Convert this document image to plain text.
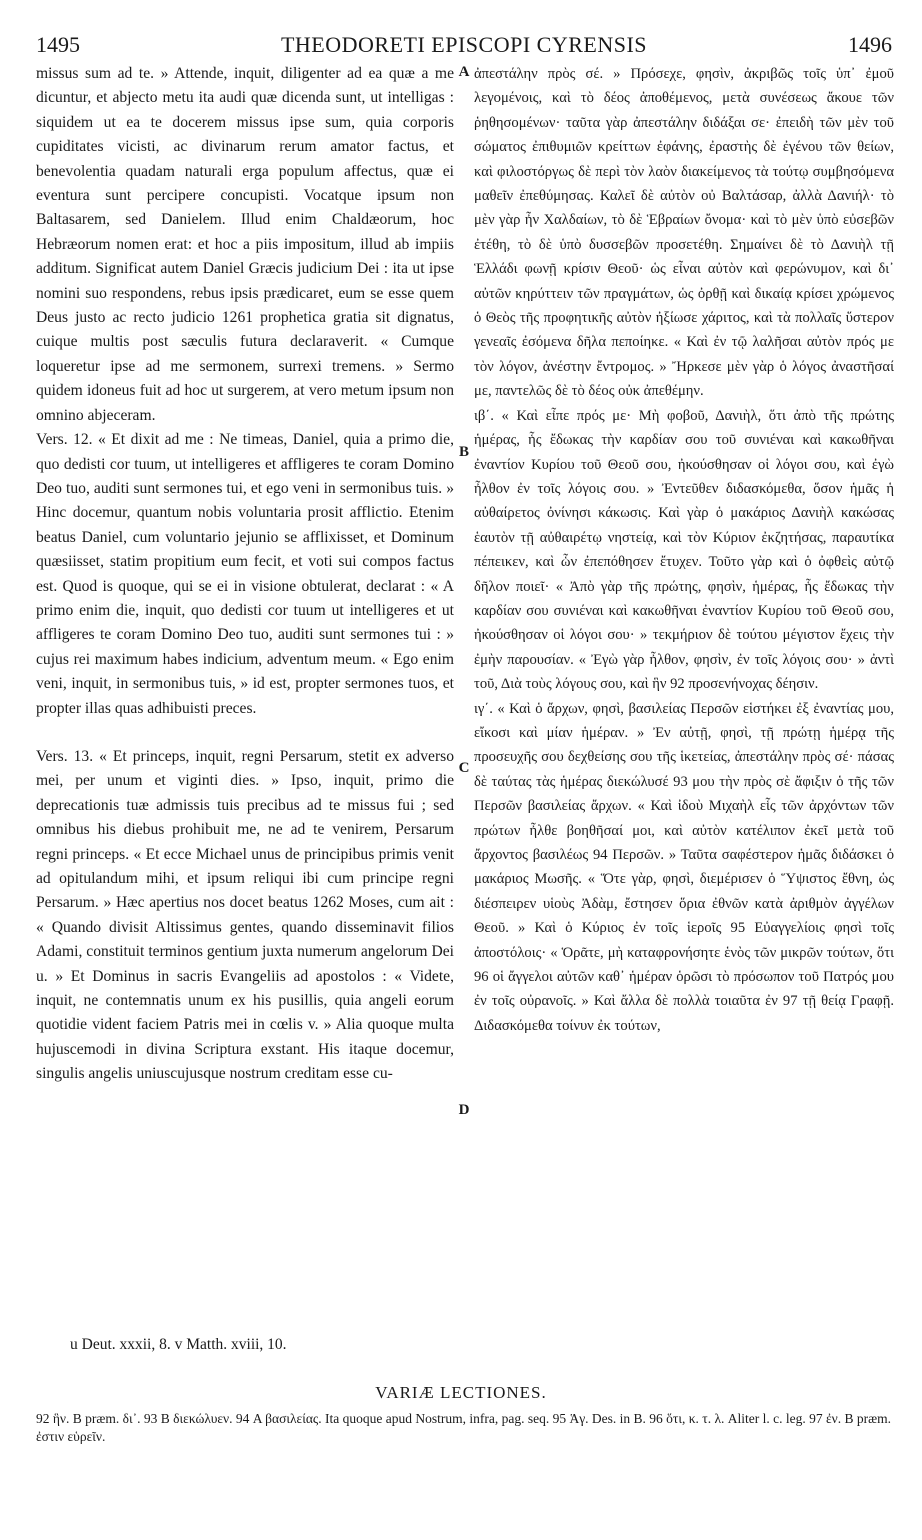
1495	THEODORETI EPISCOPI CYRENSIS	1496

missus sum ad te. » Attende, inquit, diligenter ad ea quæ a me dicuntur, et abjecto metu ita audi quæ dicenda sunt, ut intelligas : siquidem ut ea te docerem missus ipse sum, quia corporis cupiditates vicisti, ac divinarum rerum amator factus, et benevolentia quadam naturali erga populum affectus, quæ ei eventura sunt percipere concupisti. Vocatque ipsum non Baltasarem, sed Danielem. Illud enim Chaldæorum, hoc Hebræorum nomen erat: et hoc a piis impositum, illud ab impiis additum. Significat autem Daniel Græcis judicium Dei : ita ut ipse nomini suo respondens, rebus ipsis prædicaret, eum se esse quem Deus justo ac recto judicio 1261 prophetica gratia sit dignatus, cuique multis post sæculis futura declaraverit. « Cumque loqueretur ipse ad me sermonem, surrexi tremens. » Sermo quidem idoneus fuit ad hoc ut surgerem, at vero metum ipsum non omnino abjeceram.

Vers. 12. « Et dixit ad me : Ne timeas, Daniel, quia a primo die, quo dedisti cor tuum, ut intelligeres et affligeres te coram Domino Deo tuo, auditi sunt sermones tui, et ego veni in sermonibus tuis. » Hinc docemur, quantum nobis voluntaria prosit afflictio. Etenim beatus Daniel, cum voluntario jejunio se afflixisset, et Dominum quæsiisset, statim propitium eum fecit, et voti sui compos factus est. Quod is quoque, qui se ei in visione obtulerat, declarat : « A primo enim die, inquit, quo dedisti cor tuum ut intelligeres et ut affligeres te coram Domino Deo tuo, auditi sunt sermones tui : » cujus rei maximum habes indicium, adventum meum. « Ego enim veni, inquit, in sermonibus tuis, » id est, propter sermones tuos, et propter illas quas adhibuisti preces.

Vers. 13. « Et princeps, inquit, regni Persarum, stetit ex adverso mei, per unum et viginti dies. » Ipso, inquit, primo die deprecationis tuæ admissis tuis precibus ad te missus fui ; sed omnibus his diebus prohibuit me, ne ad te venirem, Persarum regni princeps. « Et ecce Michael unus de principibus primis venit ad opitulandum mihi, et ipsum reliqui ibi cum principe regni Persarum. » Hæc apertius nos docet beatus 1262 Moses, cum ait : « Quando divisit Altissimus gentes, quando disseminavit filios Adami, constituit terminos gentium juxta numerum angelorum Dei u. » Et Dominus in sacris Evangeliis ad apostolos : « Videte, inquit, ne contemnatis unum ex his pusillis, quia angeli eorum quotidie vident faciem Patris mei in cœlis v. » Alia quoque multa hujuscemodi in divina Scriptura exstant. His itaque docemur, singulis angelis uniuscujusque nostrum creditam esse cu-

A
B
C
D

ἀπεστάλην πρὸς σέ. » Πρόσεχε, φησὶν, ἀκριβῶς τοῖς ὑπ᾽ ἐμοῦ λεγομένοις, καὶ τὸ δέος ἀποθέμενος, μετὰ συνέσεως ἄκουε τῶν ῥηθησομένων· ταῦτα γὰρ ἀπεστάλην διδάξαι σε· ἐπειδὴ τῶν μὲν τοῦ σώματος ἐπιθυμιῶν κρείττων ἐφάνης, ἐραστὴς δὲ ἐγένου τῶν θείων, καὶ φιλοστόργως δὲ περὶ τὸν λαὸν διακείμενος τὰ τούτῳ συμβησόμενα μαθεῖν ἐπεθύμησας. Καλεῖ δὲ αὐτὸν οὐ Βαλτάσαρ, ἀλλὰ Δανιήλ· τὸ μὲν γὰρ ἦν Χαλδαίων, τὸ δὲ Ἑβραίων ὄνομα· καὶ τὸ μὲν ὑπὸ εὐσεβῶν ἐτέθη, τὸ δὲ ὑπὸ δυσσεβῶν προσετέθη. Σημαίνει δὲ τὸ Δανιὴλ τῇ Ἑλλάδι φωνῇ κρίσιν Θεοῦ· ὡς εἶναι αὐτὸν καὶ φερώνυμον, καὶ δι᾽ αὐτῶν κηρύττειν τῶν πραγμάτων, ὡς ὀρθῇ καὶ δικαίᾳ κρίσει χρώμενος ὁ Θεὸς τῆς προφητικῆς αὐτὸν ἠξίωσε χάριτος, καὶ τὰ πολλαῖς ὕστερον γενεαῖς ἐσόμενα δῆλα πεποίηκε. « Καὶ ἐν τῷ λαλῆσαι αὐτὸν πρός με τὸν λόγον, ἀνέστην ἔντρομος. » Ἤρκεσε μὲν γὰρ ὁ λόγος ἀναστῆσαί με, παντελῶς δὲ τὸ δέος οὐκ ἀπεθέμην.

ιβ΄. « Καὶ εἶπε πρός με· Μὴ φοβοῦ, Δανιὴλ, ὅτι ἀπὸ τῆς πρώτης ἡμέρας, ἧς ἔδωκας τὴν καρδίαν σου τοῦ συνιέναι καὶ κακωθῆναι ἐναντίον Κυρίου τοῦ Θεοῦ σου, ἠκούσθησαν οἱ λόγοι σου, καὶ ἐγὼ ἦλθον ἐν τοῖς λόγοις σου. » Ἐντεῦθεν διδασκόμεθα, ὅσον ἡμᾶς ἡ αὐθαίρετος ὀνίνησι κάκωσις. Καὶ γὰρ ὁ μακάριος Δανιὴλ κακώσας ἑαυτὸν τῇ αὐθαιρέτῳ νηστείᾳ, καὶ τὸν Κύριον ἐκζητήσας, παραυτίκα πέπεικεν, καὶ ὧν ἐπεπόθησεν ἔτυχεν. Τοῦτο γὰρ καὶ ὁ ὀφθεὶς αὐτῷ δῆλον ποιεῖ· « Ἀπὸ γὰρ τῆς πρώτης, φησὶν, ἡμέρας, ἧς ἔδωκας τὴν καρδίαν σου συνιέναι καὶ κακωθῆναι ἐναντίον Κυρίου τοῦ Θεοῦ σου, ἠκούσθησαν οἱ λόγοι σου· » τεκμήριον δὲ τούτου μέγιστον ἔχεις τὴν ἐμὴν παρουσίαν. « Ἐγὼ γὰρ ἦλθον, φησὶν, ἐν τοῖς λόγοις σου· » ἀντὶ τοῦ, Διὰ τοὺς λόγους σου, καὶ ἣν 92 προσενήνοχας δέησιν.

ιγ΄. « Καὶ ὁ ἄρχων, φησὶ, βασιλείας Περσῶν εἱστήκει ἐξ ἐναντίας μου, εἴκοσι καὶ μίαν ἡμέραν. » Ἐν αὐτῇ, φησὶ, τῇ πρώτῃ ἡμέρᾳ τῆς προσευχῆς σου δεχθείσης σου τῆς ἱκετείας, ἀπεστάλην πρὸς σέ· πάσας δὲ ταύτας τὰς ἡμέρας διεκώλυσέ 93 μου τὴν πρὸς σὲ ἄφιξιν ὁ τῆς τῶν Περσῶν βασιλείας ἄρχων. « Καὶ ἰδοὺ Μιχαὴλ εἷς τῶν ἀρχόντων τῶν πρώτων ἦλθε βοηθῆσαί μοι, καὶ αὐτὸν κατέλιπον ἐκεῖ μετὰ τοῦ ἄρχοντος βασιλέως 94 Περσῶν. » Ταῦτα σαφέστερον ἡμᾶς διδάσκει ὁ μακάριος Μωσῆς. « Ὅτε γὰρ, φησὶ, διεμέρισεν ὁ Ὕψιστος ἔθνη, ὡς διέσπειρεν υἱοὺς Ἀδὰμ, ἔστησεν ὅρια ἐθνῶν κατὰ ἀριθμὸν ἀγγέλων Θεοῦ. » Καὶ ὁ Κύριος ἐν τοῖς ἱεροῖς 95 Εὐαγγελίοις φησὶ τοῖς ἀποστόλοις· « Ὁρᾶτε, μὴ καταφρονήσητε ἑνὸς τῶν μικρῶν τούτων, ὅτι 96 οἱ ἄγγελοι αὐτῶν καθ᾽ ἡμέραν ὁρῶσι τὸ πρόσωπον τοῦ Πατρός μου ἐν τοῖς οὐρανοῖς. » Καὶ ἄλλα δὲ πολλὰ τοιαῦτα ἐν 97 τῇ θείᾳ Γραφῇ. Διδασκόμεθα τοίνυν ἐκ τούτων,

u Deut. xxxii, 8. v Matth. xviii, 10.
VARIÆ LECTIONES.
92 ἣν. B præm. δι᾽. 93 B διεκώλυεν. 94 A βασιλείας. Ita quoque apud Nostrum, infra, pag. seq. 95 Ἁγ. Des. in B. 96 ὅτι, κ. τ. λ. Aliter l. c. leg. 97 ἐν. B præm. ἐστιν εὑρεῖν.
